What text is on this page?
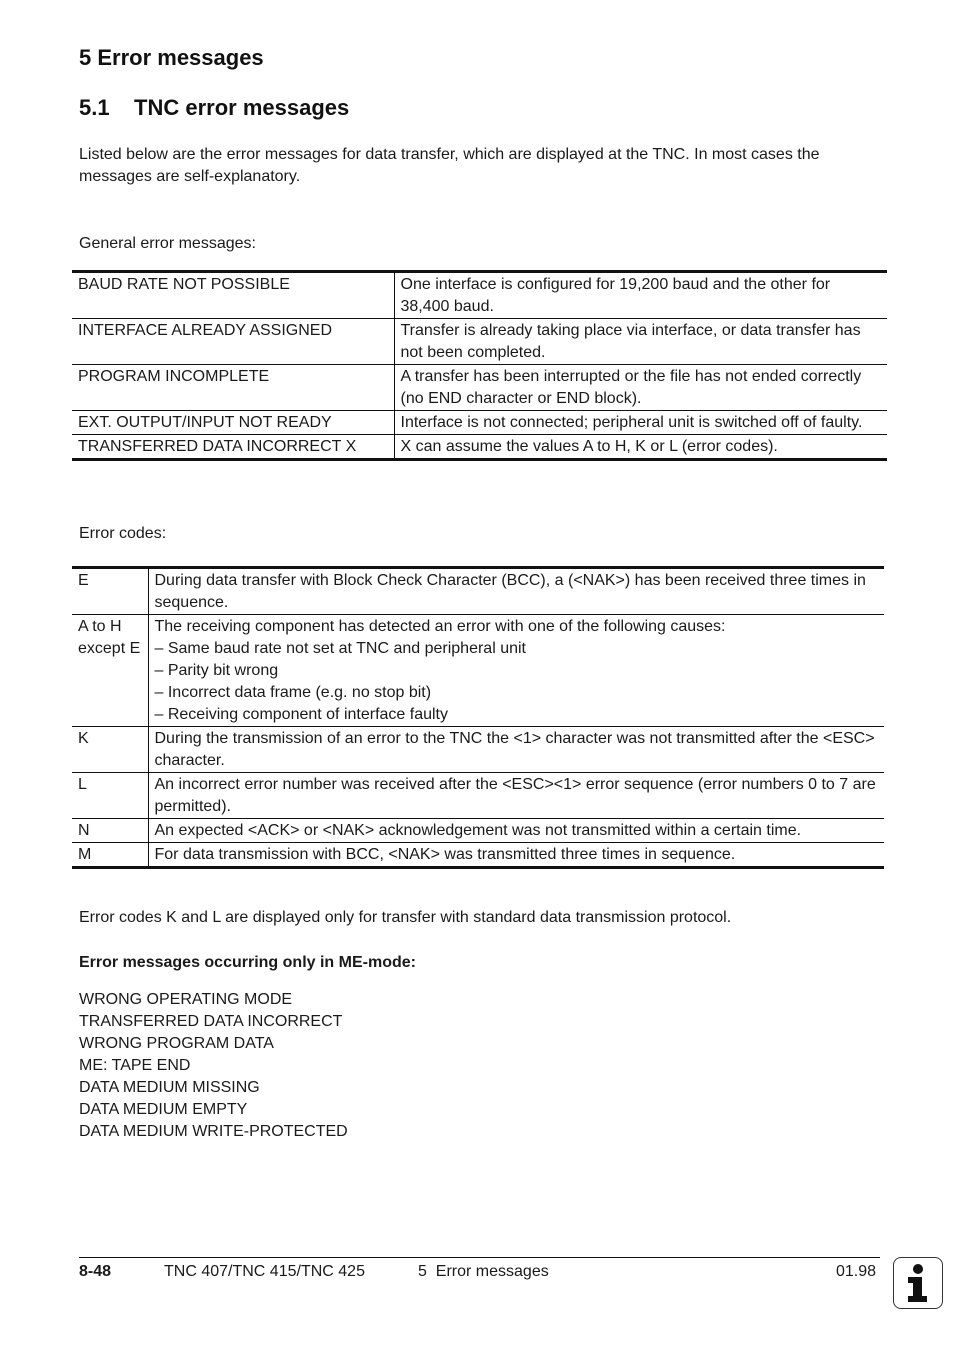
5 Error messages
5.1    TNC error messages
Listed below are the error messages for data transfer, which are displayed at the TNC. In most cases the messages are self-explanatory.
General error messages:
BAUD RATE NOT POSSIBLE	One interface is configured for 19,200 baud and the other for 38,400 baud.
INTERFACE ALREADY ASSIGNED	Transfer is already taking place via interface, or data transfer has not been completed.
PROGRAM INCOMPLETE	A transfer has been interrupted or the file has not ended correctly (no END character or END block).
EXT. OUTPUT/INPUT NOT READY	Interface is not connected; peripheral unit is switched off of faulty.
TRANSFERRED DATA INCORRECT X	X can assume the values A to H, K or L (error codes).
Error codes:
E	During data transfer with Block Check Character (BCC), a (<NAK>) has been received three times in sequence.

A to H except E	The receiving component has detected an error with one of the following causes:
– Same baud rate not set at TNC and peripheral unit
– Parity bit wrong
– Incorrect data frame (e.g. no stop bit)
– Receiving component of interface faulty

K	During the transmission of an error to the TNC the <1> character was not transmitted after the <ESC> character.

L	An incorrect error number was received after the <ESC><1> error sequence (error numbers 0 to 7 are permitted).

N	An expected <ACK> or <NAK> acknowledgement was not transmitted within a certain time.

M	For data transmission with BCC, <NAK> was transmitted three times in sequence.
Error codes K and L are displayed only for transfer with standard data transmission protocol.
Error messages occurring only in ME-mode:
WRONG OPERATING MODE
TRANSFERRED DATA INCORRECT
WRONG PROGRAM DATA
ME: TAPE END
DATA MEDIUM MISSING
DATA MEDIUM EMPTY
DATA MEDIUM WRITE-PROTECTED
8-48	TNC 407/TNC 415/TNC 425	5  Error messages	01.98
